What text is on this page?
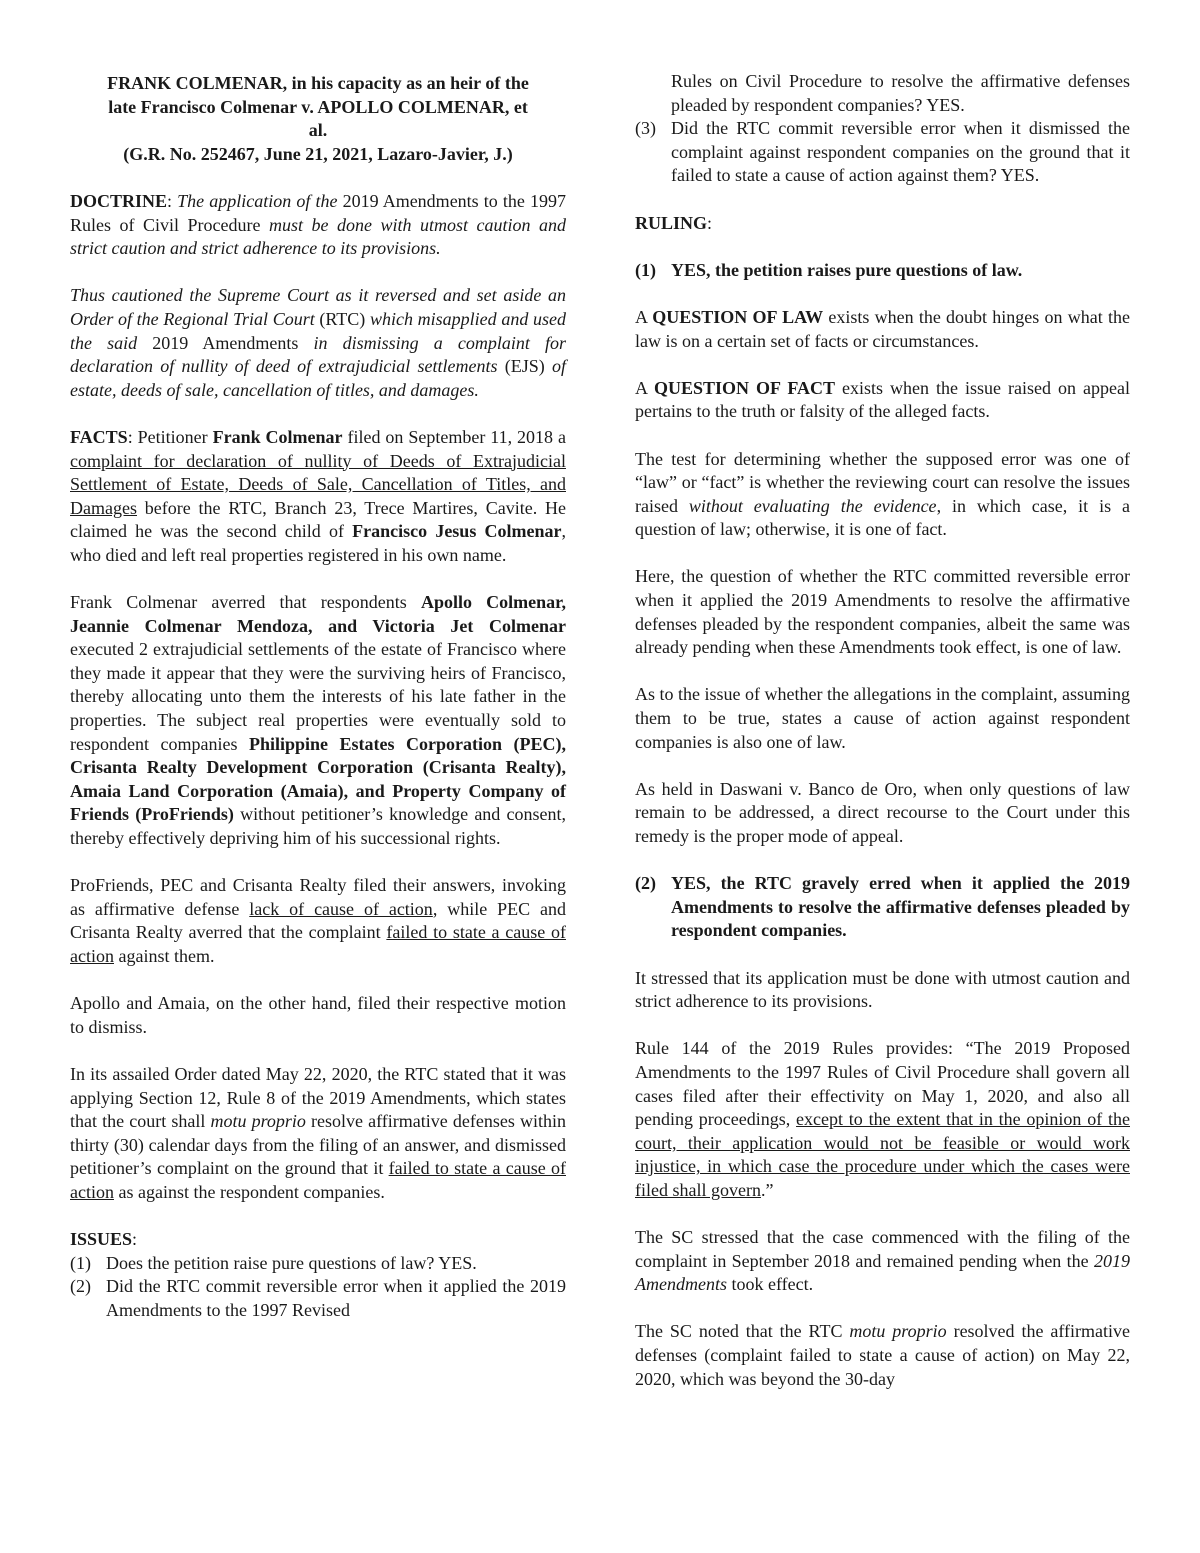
FRANK COLMENAR, in his capacity as an heir of the

late Francisco Colmenar v. APOLLO COLMENAR, et

al.

(G.R. No. 252467, June 21, 2021, Lazaro-Javier, J.)

DOCTRINE: The application of the 2019 Amendments to the 1997 Rules of Civil Procedure must be done with utmost caution and strict caution and strict adherence to its provisions.

Thus cautioned the Supreme Court as it reversed and set aside an Order of the Regional Trial Court (RTC) which misapplied and used the said 2019 Amendments in dismissing a complaint for declaration of nullity of deed of extrajudicial settlements (EJS) of estate, deeds of sale, cancellation of titles, and damages.

FACTS: Petitioner Frank Colmenar filed on September 11, 2018 a complaint for declaration of nullity of Deeds of Extrajudicial Settlement of Estate, Deeds of Sale, Cancellation of Titles, and Damages before the RTC, Branch 23, Trece Martires, Cavite. He claimed he was the second child of Francisco Jesus Colmenar, who died and left real properties registered in his own name.

Frank Colmenar averred that respondents Apollo Colmenar, Jeannie Colmenar Mendoza, and Victoria Jet Colmenar executed 2 extrajudicial settlements of the estate of Francisco where they made it appear that they were the surviving heirs of Francisco, thereby allocating unto them the interests of his late father in the properties. The subject real properties were eventually sold to respondent companies Philippine Estates Corporation (PEC), Crisanta Realty Development Corporation (Crisanta Realty), Amaia Land Corporation (Amaia), and Property Company of Friends (ProFriends) without petitioner’s knowledge and consent, thereby effectively depriving him of his successional rights.

ProFriends, PEC and Crisanta Realty filed their answers, invoking as affirmative defense lack of cause of action, while PEC and Crisanta Realty averred that the complaint failed to state a cause of action against them.

Apollo and Amaia, on the other hand, filed their respective motion to dismiss.

In its assailed Order dated May 22, 2020, the RTC stated that it was applying Section 12, Rule 8 of the 2019 Amendments, which states that the court shall motu proprio resolve affirmative defenses within thirty (30) calendar days from the filing of an answer, and dismissed petitioner’s complaint on the ground that it failed to state a cause of action as against the respondent companies.

ISSUES:

(1) Does the petition raise pure questions of law? YES.
(2) Did the RTC commit reversible error when it applied the 2019 Amendments to the 1997 Revised

Rules on Civil Procedure to resolve the affirmative defenses pleaded by respondent companies? YES.

(3) Did the RTC commit reversible error when it dismissed the complaint against respondent companies on the ground that it failed to state a cause of action against them? YES.

RULING:

(1) YES, the petition raises pure questions of law.

A QUESTION OF LAW exists when the doubt hinges on what the law is on a certain set of facts or circumstances.

A QUESTION OF FACT exists when the issue raised on appeal pertains to the truth or falsity of the alleged facts.

The test for determining whether the supposed error was one of “law” or “fact” is whether the reviewing court can resolve the issues raised without evaluating the evidence, in which case, it is a question of law; otherwise, it is one of fact.

Here, the question of whether the RTC committed reversible error when it applied the 2019 Amendments to resolve the affirmative defenses pleaded by the respondent companies, albeit the same was already pending when these Amendments took effect, is one of law.

As to the issue of whether the allegations in the complaint, assuming them to be true, states a cause of action against respondent companies is also one of law.

As held in Daswani v. Banco de Oro, when only questions of law remain to be addressed, a direct recourse to the Court under this remedy is the proper mode of appeal.

(2) YES, the RTC gravely erred when it applied the 2019 Amendments to resolve the affirmative defenses pleaded by respondent companies.

It stressed that its application must be done with utmost caution and strict adherence to its provisions.

Rule 144 of the 2019 Rules provides: “The 2019 Proposed Amendments to the 1997 Rules of Civil Procedure shall govern all cases filed after their effectivity on May 1, 2020, and also all pending proceedings, except to the extent that in the opinion of the court, their application would not be feasible or would work injustice, in which case the procedure under which the cases were filed shall govern.”

The SC stressed that the case commenced with the filing of the complaint in September 2018 and remained pending when the 2019 Amendments took effect.

The SC noted that the RTC motu proprio resolved the affirmative defenses (complaint failed to state a cause of action) on May 22, 2020, which was beyond the 30-day
